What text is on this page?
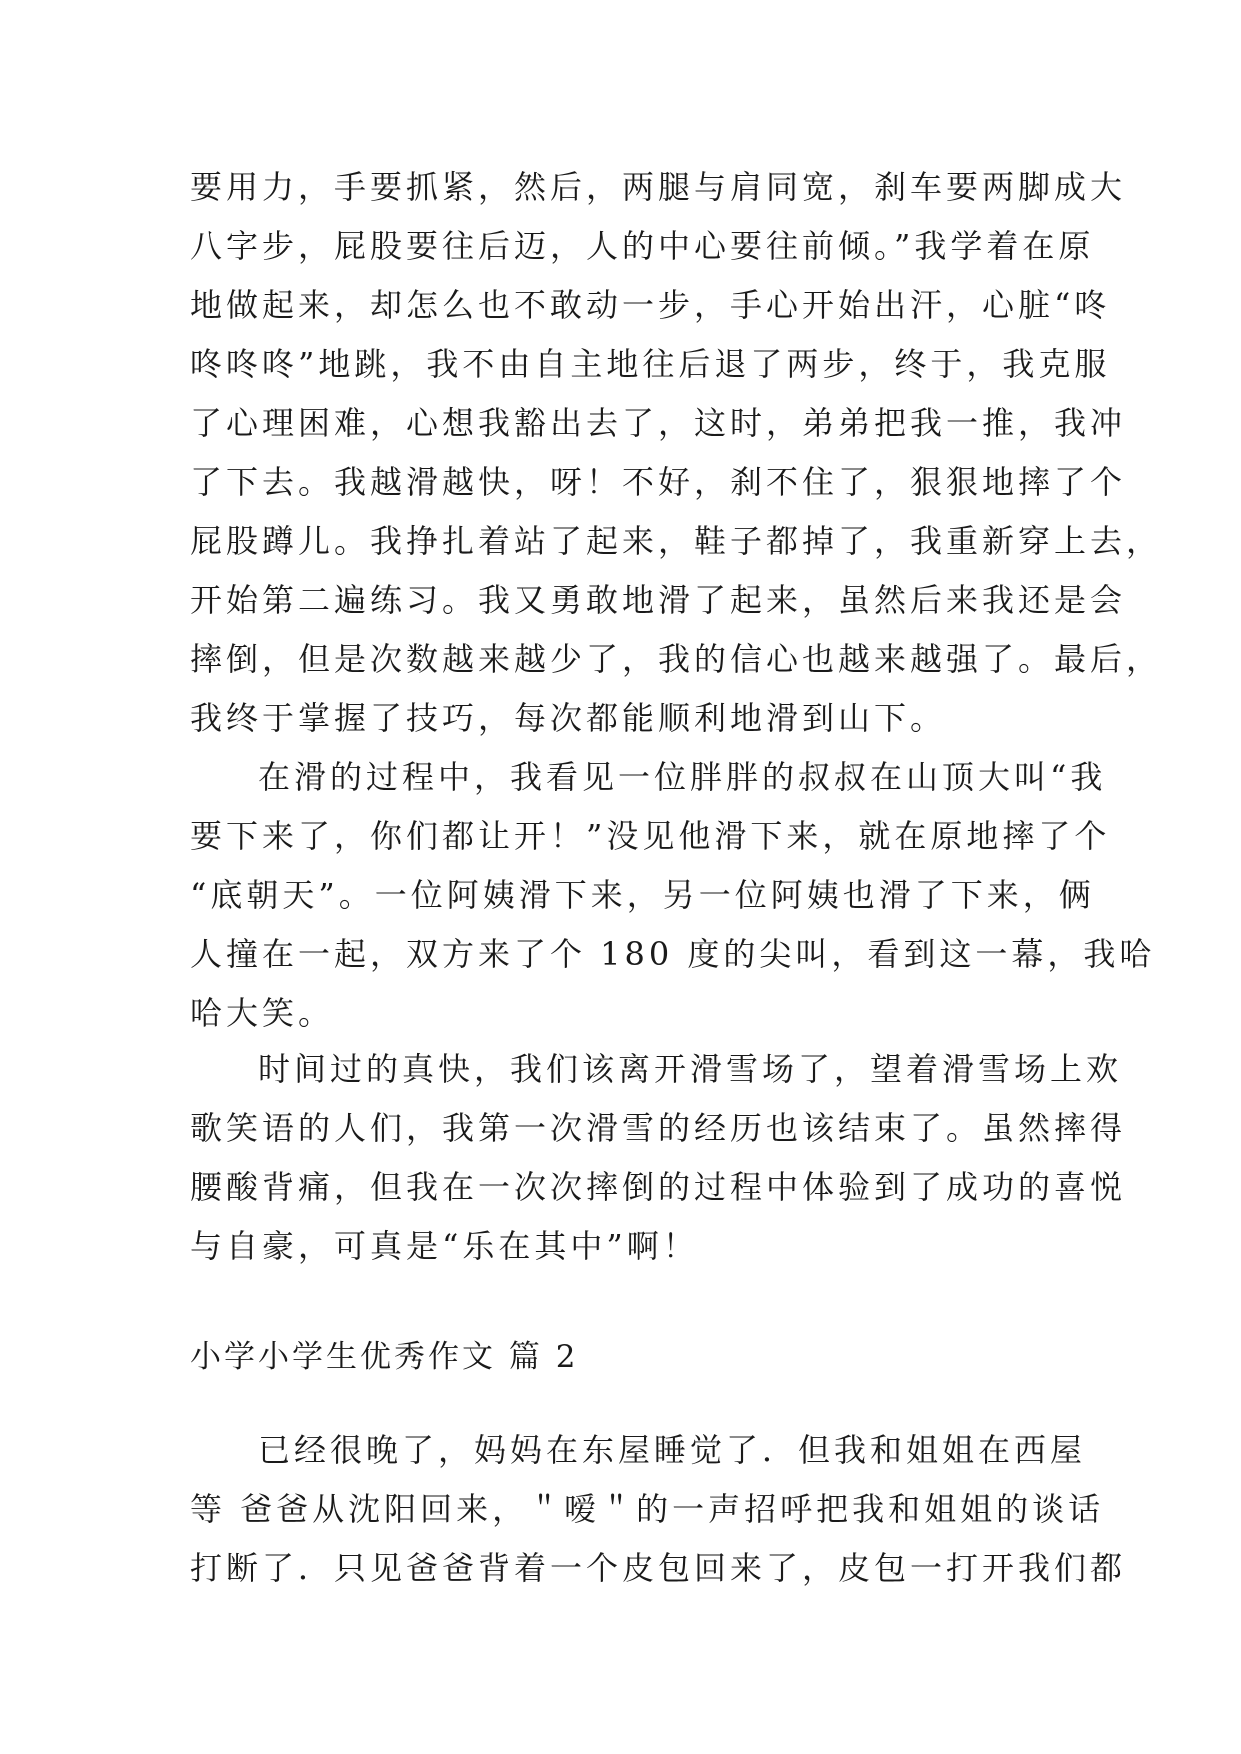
要用力，手要抓紧，然后，两腿与肩同宽，刹车要两脚成大
八字步，屁股要往后迈，人的中心要往前倾。”我学着在原
地做起来，却怎么也不敢动一步，手心开始出汗，心脏“咚
咚咚咚”地跳，我不由自主地往后退了两步，终于，我克服
了心理困难，心想我豁出去了，这时，弟弟把我一推，我冲
了下去。我越滑越快，呀！不好，刹不住了，狠狠地摔了个
屁股蹲儿。我挣扎着站了起来，鞋子都掉了，我重新穿上去，
开始第二遍练习。我又勇敢地滑了起来，虽然后来我还是会
摔倒，但是次数越来越少了，我的信心也越来越强了。最后，
我终于掌握了技巧，每次都能顺利地滑到山下。
在滑的过程中，我看见一位胖胖的叔叔在山顶大叫“我
要下来了，你们都让开！”没见他滑下来，就在原地摔了个
“底朝天”。一位阿姨滑下来，另一位阿姨也滑了下来，俩
人撞在一起，双方来了个 180 度的尖叫，看到这一幕，我哈
哈大笑。
时间过的真快，我们该离开滑雪场了，望着滑雪场上欢
歌笑语的人们，我第一次滑雪的经历也该结束了。虽然摔得
腰酸背痛，但我在一次次摔倒的过程中体验到了成功的喜悦
与自豪，可真是“乐在其中”啊！
小学小学生优秀作文 篇 2
已经很晚了，妈妈在东屋睡觉了．但我和姐姐在西屋
等 爸爸从沈阳回来，＂嗳＂的一声招呼把我和姐姐的谈话
打断了．只见爸爸背着一个皮包回来了，皮包一打开我们都
